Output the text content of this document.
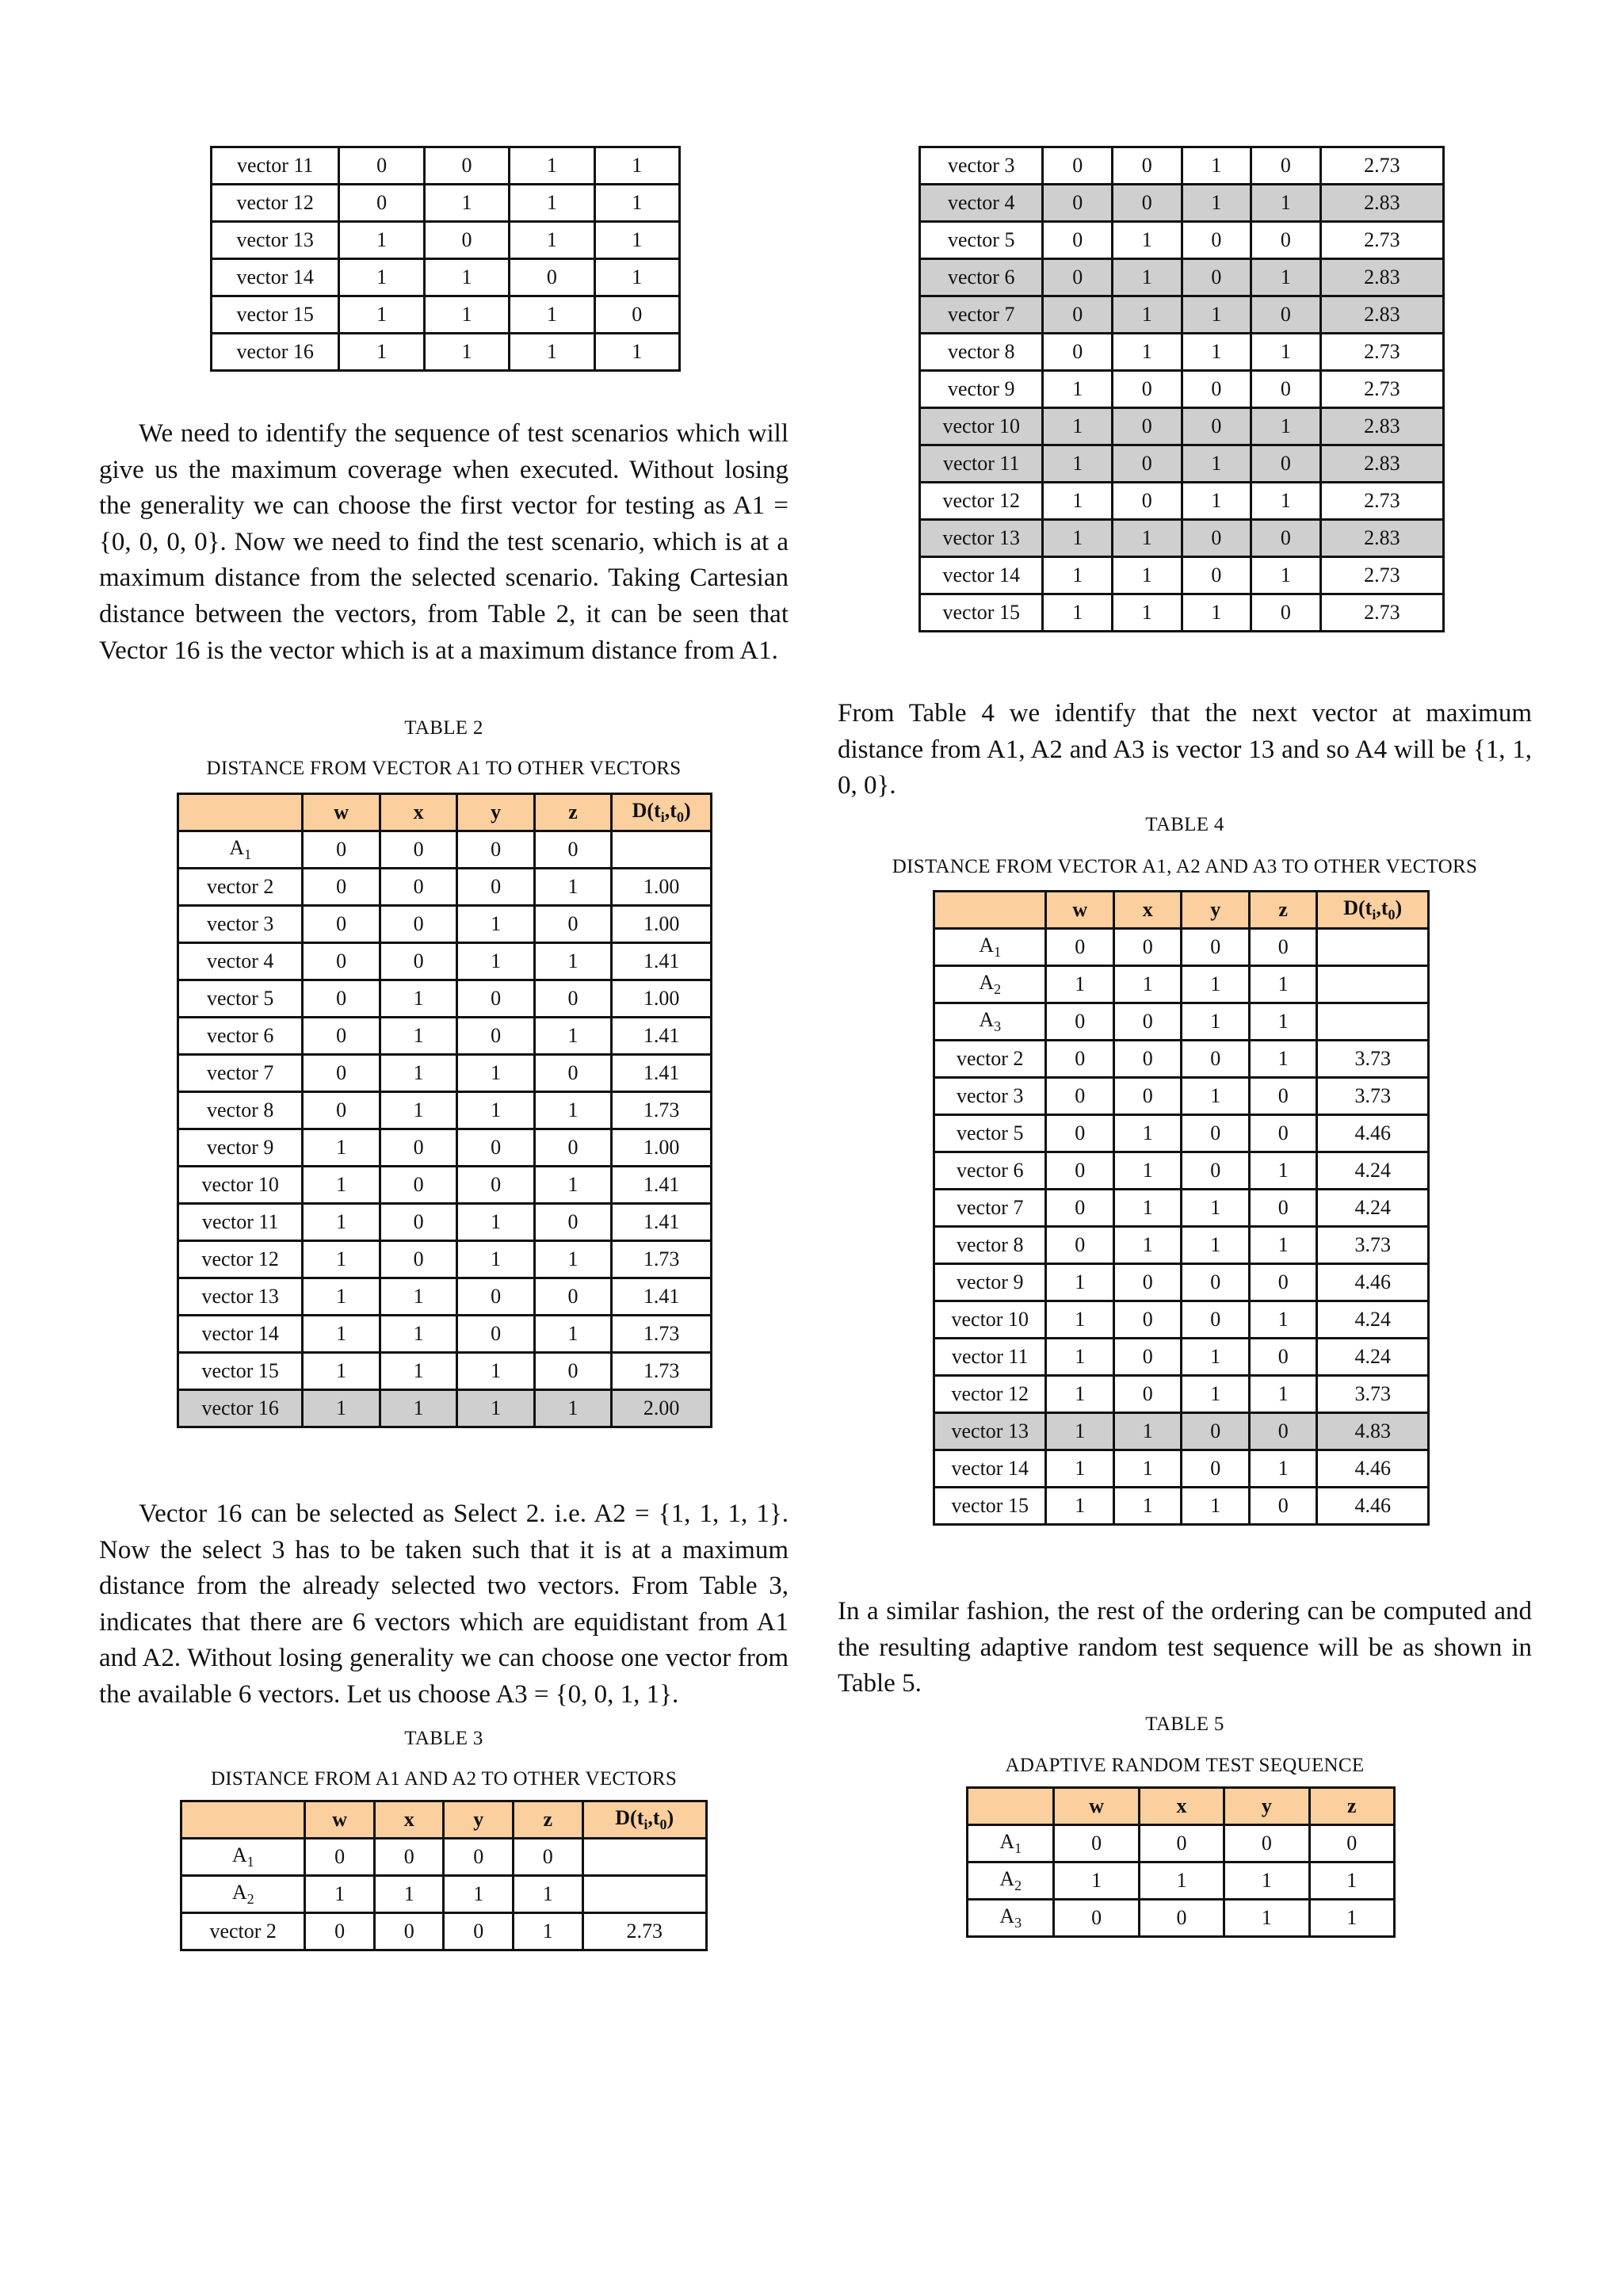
vector 11	0	0	1	1
vector 12	0	1	1	1
vector 13	1	0	1	1
vector 14	1	1	0	1
vector 15	1	1	1	0
vector 16	1	1	1	1

We need to identify the sequence of test scenarios which will give us the maximum coverage when executed. Without losing the generality we can choose the first vector for testing as A1 = {0, 0, 0, 0}. Now we need to find the test scenario, which is at a maximum distance from the selected scenario. Taking Cartesian distance between the vectors, from Table 2, it can be seen that Vector 16 is the vector which is at a maximum distance from A1.

TABLE 2
DISTANCE FROM VECTOR A1 TO OTHER VECTORS
	w	x	y	z	$D(t_i,t_0)$
$A_1$	0	0	0	0	
vector 2	0	0	0	1	1.00
vector 3	0	0	1	0	1.00
vector 4	0	0	1	1	1.41
vector 5	0	1	0	0	1.00
vector 6	0	1	0	1	1.41
vector 7	0	1	1	0	1.41
vector 8	0	1	1	1	1.73
vector 9	1	0	0	0	1.00
vector 10	1	0	0	1	1.41
vector 11	1	0	1	0	1.41
vector 12	1	0	1	1	1.73
vector 13	1	1	0	0	1.41
vector 14	1	1	0	1	1.73
vector 15	1	1	1	0	1.73
vector 16	1	1	1	1	2.00

Vector 16 can be selected as Select 2. i.e. A2 = {1, 1, 1, 1}. Now the select 3 has to be taken such that it is at a maximum distance from the already selected two vectors. From Table 3, indicates that there are 6 vectors which are equidistant from A1 and A2. Without losing generality we can choose one vector from the available 6 vectors. Let us choose A3 = {0, 0, 1, 1}.

TABLE 3
DISTANCE FROM A1 AND A2 TO OTHER VECTORS
	w	x	y	z	$D(t_i,t_0)$
$A_1$	0	0	0	0	
$A_2$	1	1	1	1	
vector 2	0	0	0	1	2.73
vector 3	0	0	1	0	2.73
vector 4	0	0	1	1	2.83
vector 5	0	1	0	0	2.73
vector 6	0	1	0	1	2.83
vector 7	0	1	1	0	2.83
vector 8	0	1	1	1	2.73
vector 9	1	0	0	0	2.73
vector 10	1	0	0	1	2.83
vector 11	1	0	1	0	2.83
vector 12	1	0	1	1	2.73
vector 13	1	1	0	0	2.83
vector 14	1	1	0	1	2.73
vector 15	1	1	1	0	2.73

From Table 4 we identify that the next vector at maximum distance from A1, A2 and A3 is vector 13 and so A4 will be {1, 1, 0, 0}.

TABLE 4
DISTANCE FROM VECTOR A1, A2 AND A3 TO OTHER VECTORS
	w	x	y	z	$D(t_i,t_0)$
$A_1$	0	0	0	0	
$A_2$	1	1	1	1	
$A_3$	0	0	1	1	
vector 2	0	0	0	1	3.73
vector 3	0	0	1	0	3.73
vector 5	0	1	0	0	4.46
vector 6	0	1	0	1	4.24
vector 7	0	1	1	0	4.24
vector 8	0	1	1	1	3.73
vector 9	1	0	0	0	4.46
vector 10	1	0	0	1	4.24
vector 11	1	0	1	0	4.24
vector 12	1	0	1	1	3.73
vector 13	1	1	0	0	4.83
vector 14	1	1	0	1	4.46
vector 15	1	1	1	0	4.46

In a similar fashion, the rest of the ordering can be computed and the resulting adaptive random test sequence will be as shown in Table 5.

TABLE 5
ADAPTIVE RANDOM TEST SEQUENCE
	w	x	y	z
$A_1$	0	0	0	0
$A_2$	1	1	1	1
$A_3$	0	0	1	1
